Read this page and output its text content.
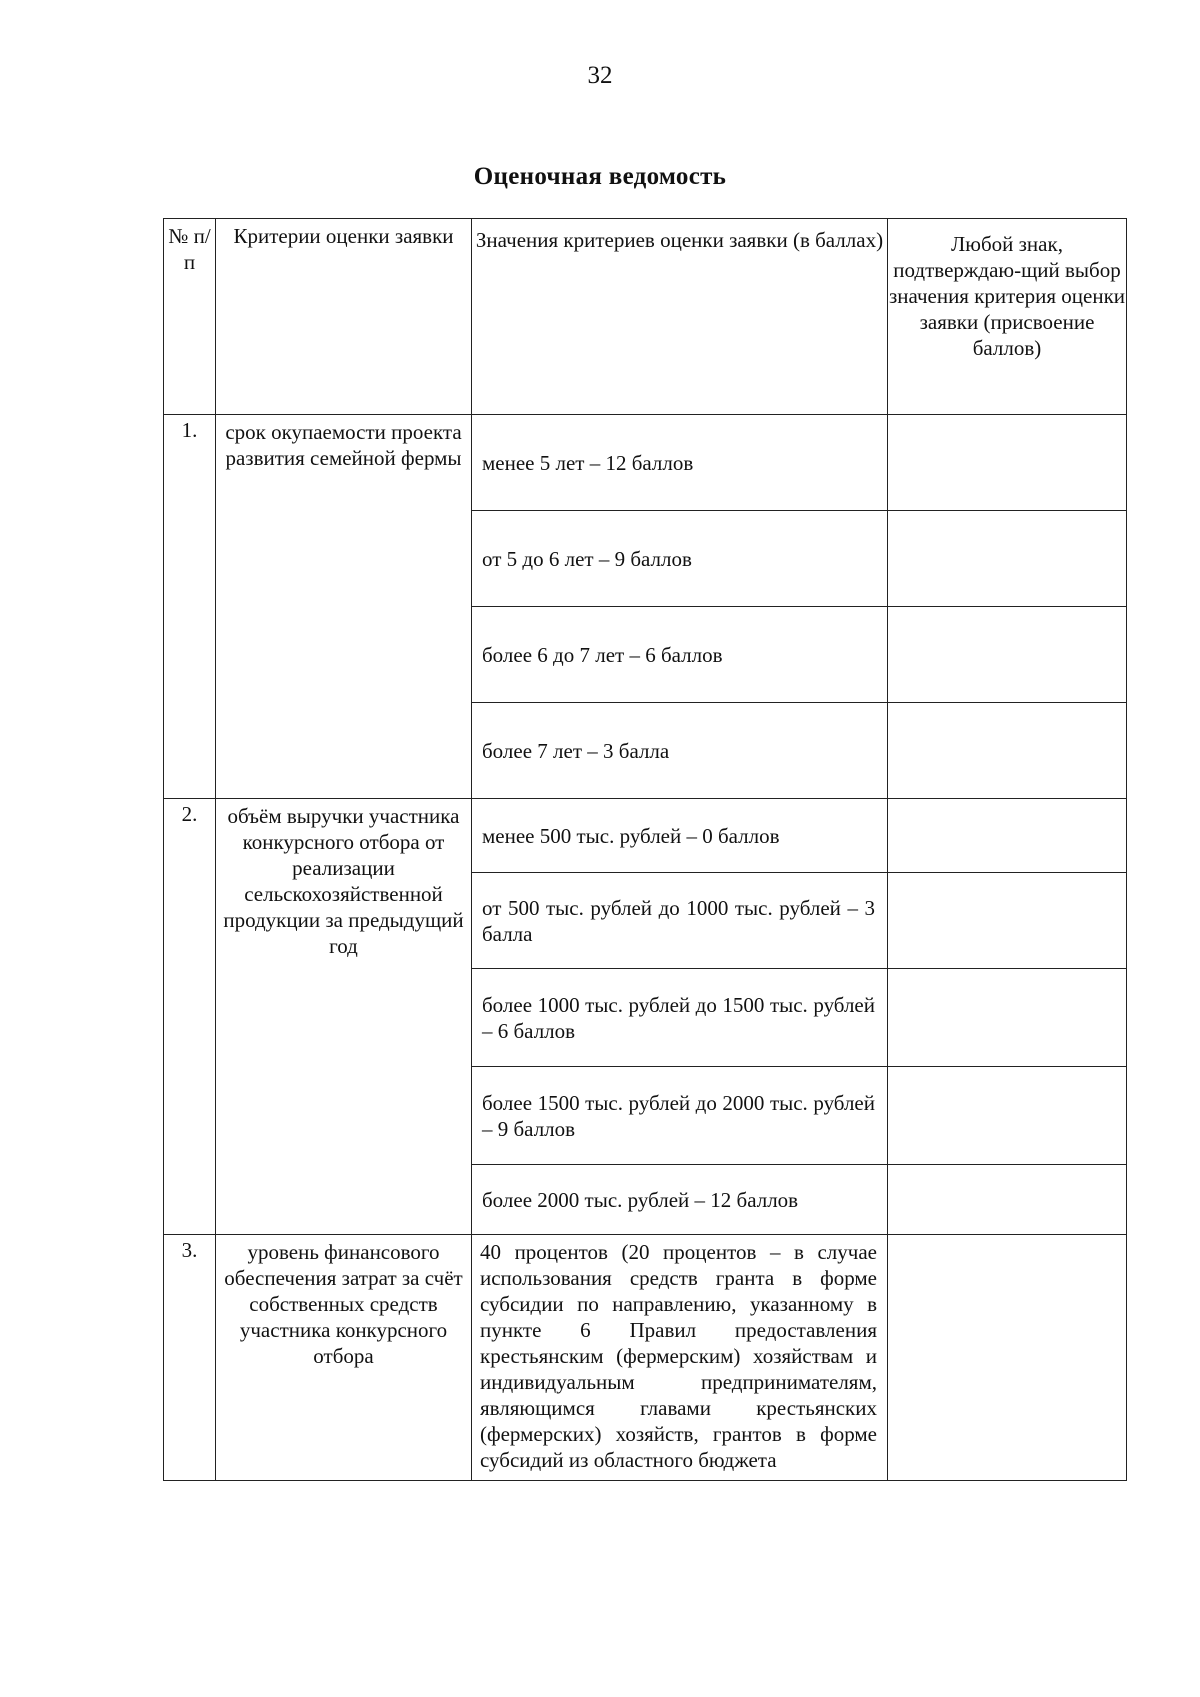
32
Оценочная ведомость
№ п/п	Критерии оценки заявки	Значения критериев оценки заявки (в баллах)	Любой знак, подтверждаю-щий выбор значения критерия оценки заявки (присвоение баллов)
1.	срок окупаемости проекта развития семейной фермы	менее 5 лет – 12 баллов	
		от 5 до 6 лет – 9 баллов	
		более 6 до 7 лет – 6 баллов	
		более 7 лет – 3 балла	
2.	объём выручки участника конкурсного отбора от реализации сельскохозяйственной продукции за предыдущий год	менее 500 тыс. рублей – 0 баллов	
		от 500 тыс. рублей до 1000 тыс. рублей – 3 балла	
		более 1000 тыс. рублей до 1500 тыс. рублей – 6 баллов	
		более 1500 тыс. рублей до 2000 тыс. рублей – 9 баллов	
		более 2000 тыс. рублей – 12 баллов	
3.	уровень финансового обеспечения затрат за счёт собственных средств участника конкурсного отбора	40 процентов (20 процентов – в случае использования средств гранта в форме субсидии по направлению, указанному в пункте 6 Правил предоставления крестьянским (фермерским) хозяйствам и индивидуальным предпринимателям, являющимся главами крестьянских (фермерских) хозяйств, грантов в форме субсидий из областного бюджета	
